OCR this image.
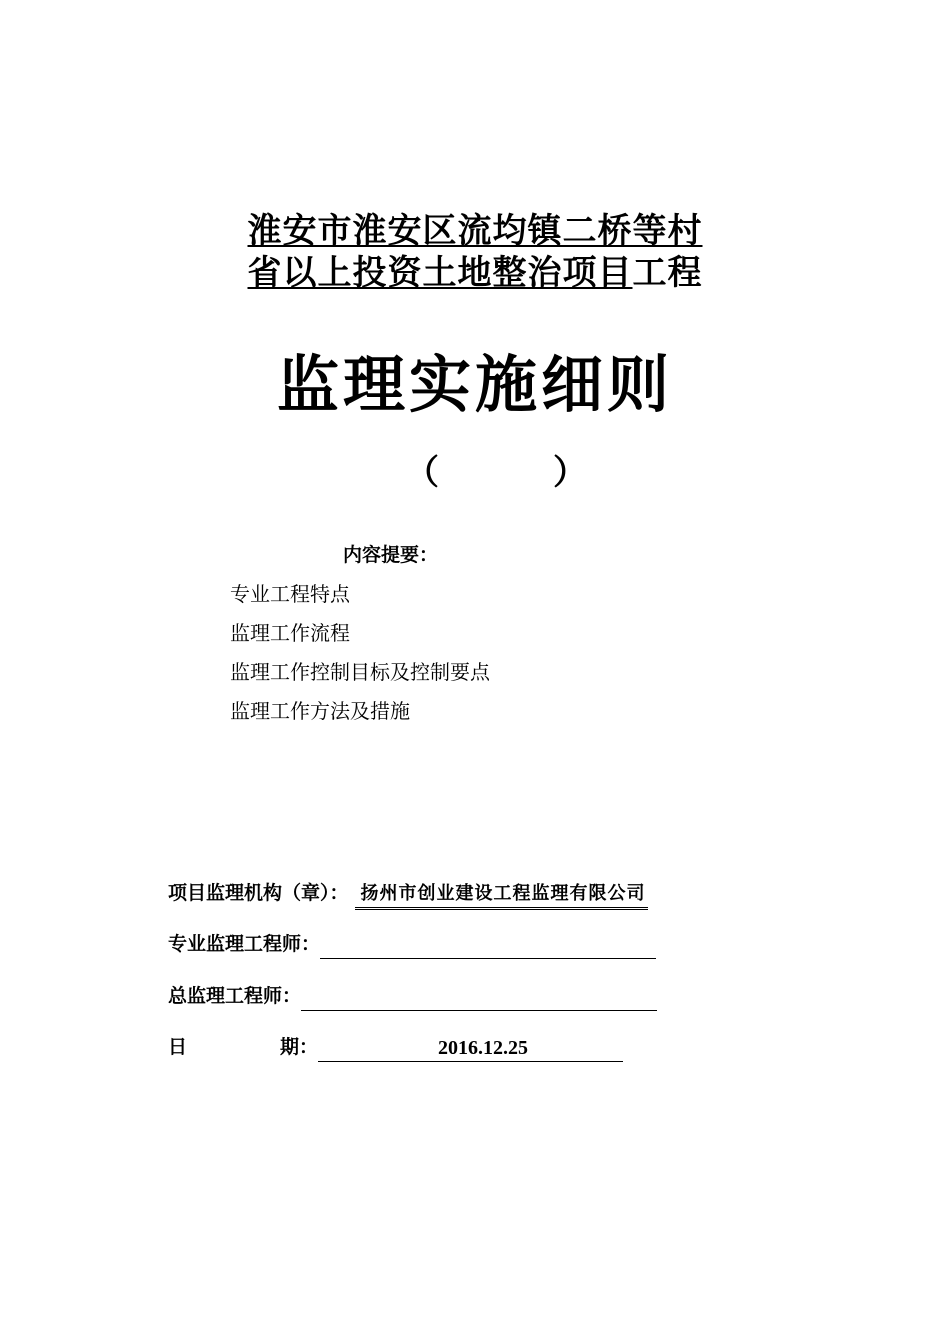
淮安市淮安区流均镇二桥等村
省以上投资土地整治项目工程
监理实施细则
（	）
内容提要：
专业工程特点
监理工作流程
监理工作控制目标及控制要点
监理工作方法及措施
项目监理机构（章）： 扬州市创业建设工程监理有限公司
专业监理工程师：
总监理工程师：
日	期：	2016.12.25
